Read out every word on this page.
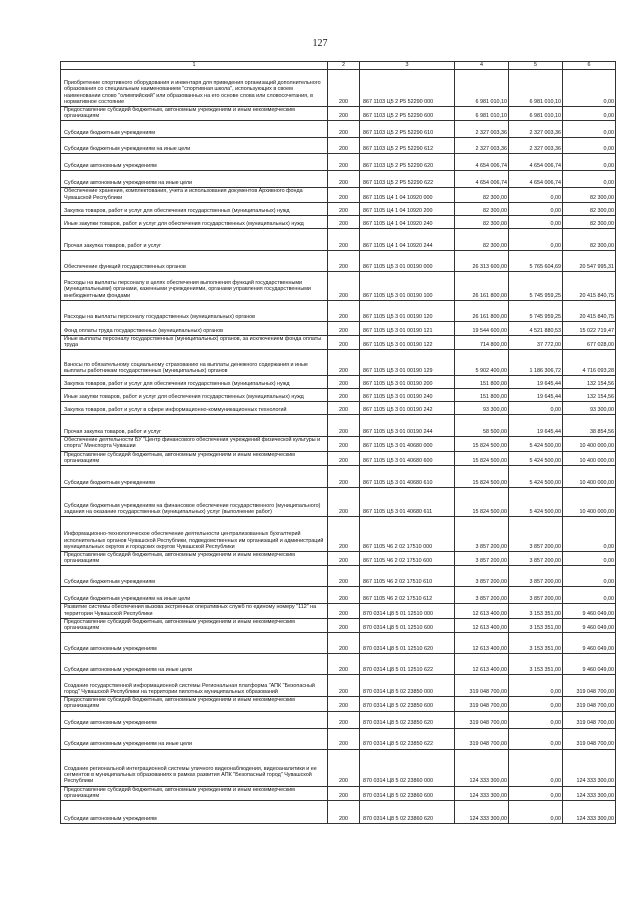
127
1	2	3	4	5	6
Приобретение спортивного оборудования и инвентаря для приведения организаций дополнительного образования со специальным наименованием "спортивная школа", использующих в своем наименовании слово "олимпийский" или образованных на его основе слова или словосочетания, в нормативное состояние	200	867 1103 Ц5 2 P5 52290 000	6 981 010,10	6 981 010,10	0,00
Предоставление субсидий бюджетным, автономным учреждениям и иным некоммерческим организациям	200	867 1103 Ц5 2 P5 52290 600	6 981 010,10	6 981 010,10	0,00
Субсидии бюджетным учреждениям	200	867 1103 Ц5 2 P5 52290 610	2 327 003,36	2 327 003,36	0,00
Субсидии бюджетным учреждениям на иные цели	200	867 1103 Ц5 2 P5 52290 612	2 327 003,36	2 327 003,36	0,00
Субсидии автономным учреждениям	200	867 1103 Ц5 2 P5 52290 620	4 654 006,74	4 654 006,74	0,00
Субсидии автономным учреждениям на иные цели	200	867 1103 Ц5 2 P5 52290 622	4 654 006,74	4 654 006,74	0,00
Обеспечение хранения, комплектования, учета и использования документов Архивного фонда Чувашской Республики	200	867 1105 Ц4 1 04 10920 000	82 300,00	0,00	82 300,00
Закупка товаров, работ и услуг для обеспечения государственных (муниципальных) нужд	200	867 1105 Ц4 1 04 10920 200	82 300,00	0,00	82 300,00
Иные закупки товаров, работ и услуг для обеспечения государственных (муниципальных) нужд	200	867 1105 Ц4 1 04 10920 240	82 300,00	0,00	82 300,00
Прочая закупка товаров, работ и услуг	200	867 1105 Ц4 1 04 10920 244	82 300,00	0,00	82 300,00
Обеспечение функций государственных органов	200	867 1105 Ц5 3 01 00190 000	26 313 600,00	5 765 604,69	20 547 995,31
Расходы на выплаты персоналу в целях обеспечения выполнения функций государственными (муниципальными) органами, казенными учреждениями, органами управления государственными внебюджетными фондами	200	867 1105 Ц5 3 01 00190 100	26 161 800,00	5 745 959,25	20 415 840,75
Расходы на выплаты персоналу государственных (муниципальных) органов	200	867 1105 Ц5 3 01 00190 120	26 161 800,00	5 745 959,25	20 415 840,75
Фонд оплаты труда государственных (муниципальных) органов	200	867 1105 Ц5 3 01 00190 121	19 544 600,00	4 521 880,53	15 022 719,47
Иные выплаты персоналу государственных (муниципальных) органов, за исключением фонда оплаты труда	200	867 1105 Ц5 3 01 00190 122	714 800,00	37 772,00	677 028,00
Взносы по обязательному социальному страхованию на выплаты денежного содержания и иные выплаты работникам государственных (муниципальных) органов	200	867 1105 Ц5 3 01 00190 129	5 902 400,00	1 186 306,72	4 716 093,28
Закупка товаров, работ и услуг для обеспечения государственных (муниципальных) нужд	200	867 1105 Ц5 3 01 00190 200	151 800,00	19 645,44	132 154,56
Иные закупки товаров, работ и услуг для обеспечения государственных (муниципальных) нужд	200	867 1105 Ц5 3 01 00190 240	151 800,00	19 645,44	132 154,56
Закупка товаров, работ и услуг в сфере информационно-коммуникационных технологий	200	867 1105 Ц5 3 01 00190 242	93 300,00	0,00	93 300,00
Прочая закупка товаров, работ и услуг	200	867 1105 Ц5 3 01 00190 244	58 500,00	19 645,44	38 854,56
Обеспечение деятельности БУ "Центр финансового обеспечения учреждений физической культуры и спорта" Минспорта Чувашии	200	867 1105 Ц5 3 01 40680 000	15 824 500,00	5 424 500,00	10 400 000,00
Предоставление субсидий бюджетным, автономным учреждениям и иным некоммерческим организациям	200	867 1105 Ц5 3 01 40680 600	15 824 500,00	5 424 500,00	10 400 000,00
Субсидии бюджетным учреждениям	200	867 1105 Ц5 3 01 40680 610	15 824 500,00	5 424 500,00	10 400 000,00
Субсидии бюджетным учреждениям на финансовое обеспечение государственного (муниципального) задания на оказание государственных (муниципальных) услуг (выполнение работ)	200	867 1105 Ц5 3 01 40680 611	15 824 500,00	5 424 500,00	10 400 000,00
Информационно-технологическое обеспечение деятельности централизованных бухгалтерий исполнительных органов Чувашской Республики, подведомственных им организаций и администраций муниципальных округов и городских округов Чувашской Республики	200	867 1105 Ч6 2 02 17510 000	3 857 200,00	3 857 200,00	0,00
Предоставление субсидий бюджетным, автономным учреждениям и иным некоммерческим организациям	200	867 1105 Ч6 2 02 17510 600	3 857 200,00	3 857 200,00	0,00
Субсидии бюджетным учреждениям	200	867 1105 Ч6 2 02 17510 610	3 857 200,00	3 857 200,00	0,00
Субсидии бюджетным учреждениям на иные цели	200	867 1105 Ч6 2 02 17510 612	3 857 200,00	3 857 200,00	0,00
Развитие системы обеспечения вызова экстренных оперативных служб по единому номеру "112" на территории Чувашской Республики	200	870 0314 Ц8 5 01 12510 000	12 613 400,00	3 153 351,00	9 460 049,00
Предоставление субсидий бюджетным, автономным учреждениям и иным некоммерческим организациям	200	870 0314 Ц8 5 01 12510 600	12 613 400,00	3 153 351,00	9 460 049,00
Субсидии автономным учреждениям	200	870 0314 Ц8 5 01 12510 620	12 613 400,00	3 153 351,00	9 460 049,00
Субсидии автономным учреждениям на иные цели	200	870 0314 Ц8 5 01 12510 622	12 613 400,00	3 153 351,00	9 460 049,00
Создание государственной информационной системы Региональная платформа "АПК "Безопасный город" Чувашской Республики на территории пилотных муниципальных образований	200	870 0314 Ц8 5 02 23850 000	319 048 700,00	0,00	319 048 700,00
Предоставление субсидий бюджетным, автономным учреждениям и иным некоммерческим организациям	200	870 0314 Ц8 5 02 23850 600	319 048 700,00	0,00	319 048 700,00
Субсидии автономным учреждениям	200	870 0314 Ц8 5 02 23850 620	319 048 700,00	0,00	319 048 700,00
Субсидии автономным учреждениям на иные цели	200	870 0314 Ц8 5 02 23850 622	319 048 700,00	0,00	319 048 700,00
Создание региональной интеграционной системы уличного видеонаблюдения, видеоаналитики и ее сегментов в муниципальных образованиях в рамках развития АПК "Безопасный город" Чувашской Республики	200	870 0314 Ц8 5 02 23860 000	124 333 300,00	0,00	124 333 300,00
Предоставление субсидий бюджетным, автономным учреждениям и иным некоммерческим организациям	200	870 0314 Ц8 5 02 23860 600	124 333 300,00	0,00	124 333 300,00
Субсидии автономным учреждениям	200	870 0314 Ц8 5 02 23860 620	124 333 300,00	0,00	124 333 300,00
